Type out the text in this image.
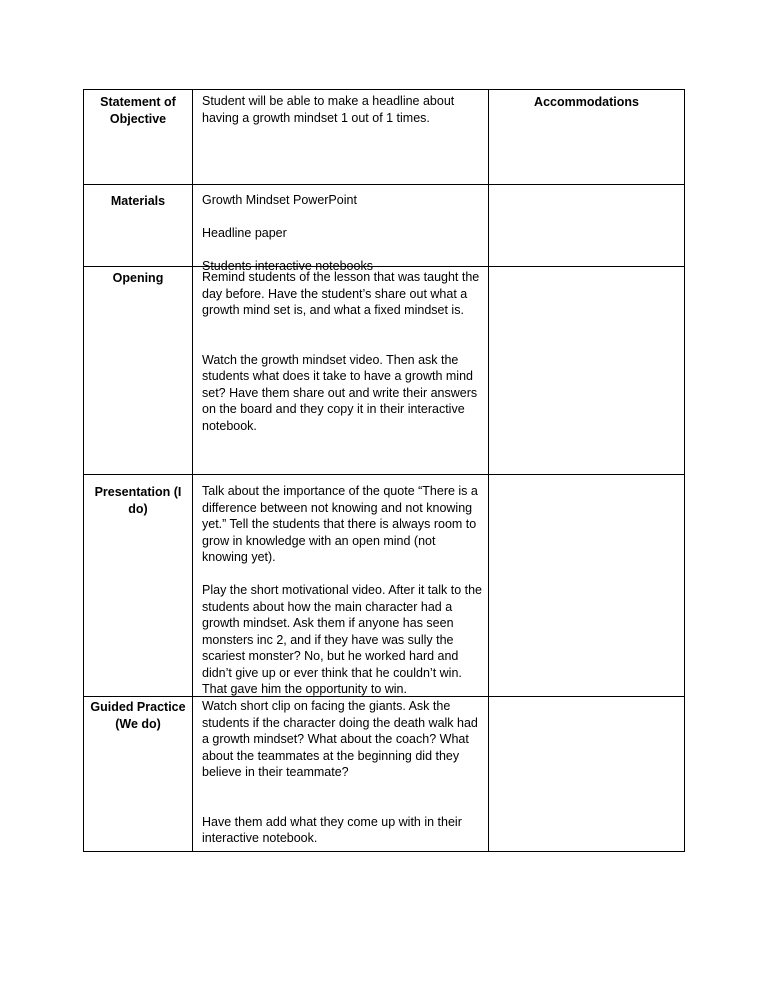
Statement of Objective

Student will be able to make a headline about having a growth mindset 1 out of 1 times.

Accommodations
Materials	Growth Mindset PowerPoint

Headline paper

Students interactive notebooks

Opening	Remind students of the lesson that was taught the day before. Have the student’s share out what a growth mind set is, and what a fixed mindset is.

Watch the growth mindset video. Then ask the students what does it take to have a growth mind set? Have them share out and write their answers on the board and they copy it in their interactive notebook.

Presentation (I do)

Talk about the importance of the quote “There is a difference between not knowing and not knowing yet.” Tell the students that there is always room to grow in knowledge with an open mind (not knowing yet).

Play the short motivational video. After it talk to the students about how the main character had a growth mindset. Ask them if anyone has seen monsters inc 2, and if they have was sully the scariest monster? No, but he worked hard and didn’t give up or ever think that he couldn’t win. That gave him the opportunity to win.

Guided Practice (We do)

Watch short clip on facing the giants. Ask the students if the character doing the death walk had a growth mindset? What about the coach? What about the teammates at the beginning did they believe in their teammate?

Have them add what they come up with in their interactive notebook.
